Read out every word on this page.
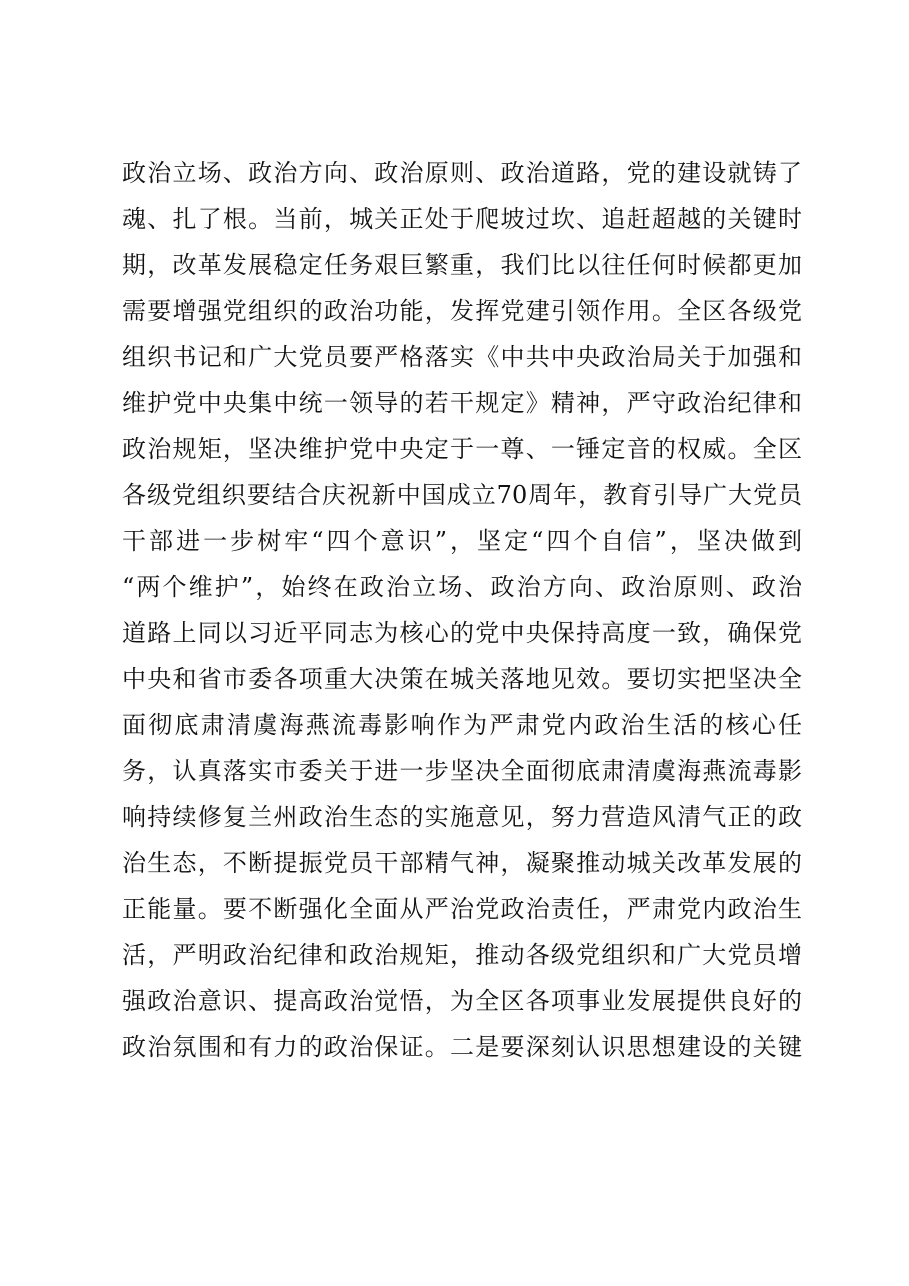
政治立场、政治方向、政治原则、政治道路，党的建设就铸了
魂、扎了根。当前，城关正处于爬坡过坎、追赶超越的关键时
期，改革发展稳定任务艰巨繁重，我们比以往任何时候都更加
需要增强党组织的政治功能，发挥党建引领作用。全区各级党
组织书记和广大党员要严格落实《中共中央政治局关于加强和
维护党中央集中统一领导的若干规定》精神，严守政治纪律和
政治规矩，坚决维护党中央定于一尊、一锤定音的权威。全区
各级党组织要结合庆祝新中国成立70周年，教育引导广大党员
干部进一步树牢“四个意识”，坚定“四个自信”，坚决做到
“两个维护”，始终在政治立场、政治方向、政治原则、政治
道路上同以习近平同志为核心的党中央保持高度一致，确保党
中央和省市委各项重大决策在城关落地见效。要切实把坚决全
面彻底肃清虞海燕流毒影响作为严肃党内政治生活的核心任
务，认真落实市委关于进一步坚决全面彻底肃清虞海燕流毒影
响持续修复兰州政治生态的实施意见，努力营造风清气正的政
治生态，不断提振党员干部精气神，凝聚推动城关改革发展的
正能量。要不断强化全面从严治党政治责任，严肃党内政治生
活，严明政治纪律和政治规矩，推动各级党组织和广大党员增
强政治意识、提高政治觉悟，为全区各项事业发展提供良好的
政治氛围和有力的政治保证。二是要深刻认识思想建设的关键
